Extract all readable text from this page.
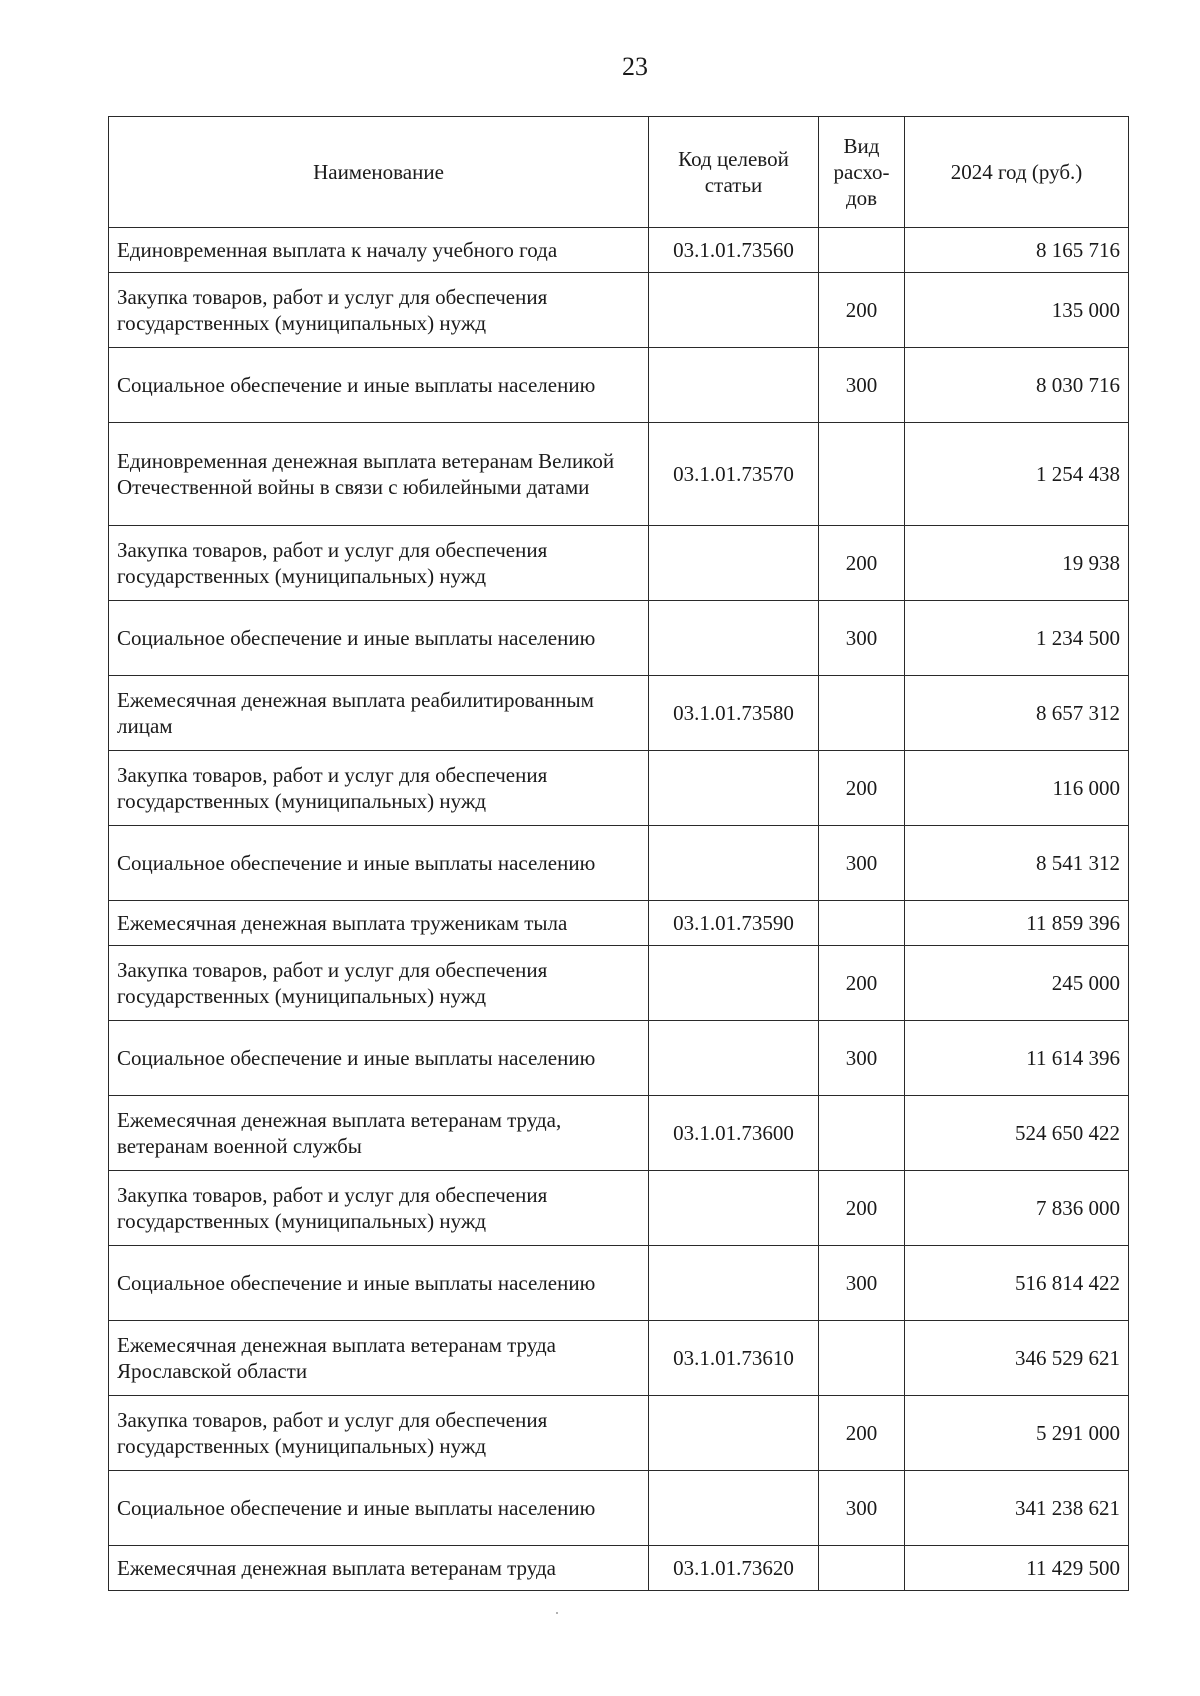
23
Наименование	Код целевой статьи	Вид расхо-дов	2024 год (руб.)
Единовременная выплата к началу учебного года	03.1.01.73560		8 165 716
Закупка товаров, работ и услуг для обеспечения государственных (муниципальных) нужд		200	135 000
Социальное обеспечение и иные выплаты населению		300	8 030 716
Единовременная денежная выплата ветеранам Великой Отечественной войны в связи с юбилейными датами	03.1.01.73570		1 254 438
Закупка товаров, работ и услуг для обеспечения государственных (муниципальных) нужд		200	19 938
Социальное обеспечение и иные выплаты населению		300	1 234 500
Ежемесячная денежная выплата реабилитированным лицам	03.1.01.73580		8 657 312
Закупка товаров, работ и услуг для обеспечения государственных (муниципальных) нужд		200	116 000
Социальное обеспечение и иные выплаты населению		300	8 541 312
Ежемесячная денежная выплата труженикам тыла	03.1.01.73590		11 859 396
Закупка товаров, работ и услуг для обеспечения государственных (муниципальных) нужд		200	245 000
Социальное обеспечение и иные выплаты населению		300	11 614 396
Ежемесячная денежная выплата ветеранам труда, ветеранам военной службы	03.1.01.73600		524 650 422
Закупка товаров, работ и услуг для обеспечения государственных (муниципальных) нужд		200	7 836 000
Социальное обеспечение и иные выплаты населению		300	516 814 422
Ежемесячная денежная выплата ветеранам труда Ярославской области	03.1.01.73610		346 529 621
Закупка товаров, работ и услуг для обеспечения государственных (муниципальных) нужд		200	5 291 000
Социальное обеспечение и иные выплаты населению		300	341 238 621
Ежемесячная денежная выплата ветеранам труда	03.1.01.73620		11 429 500
